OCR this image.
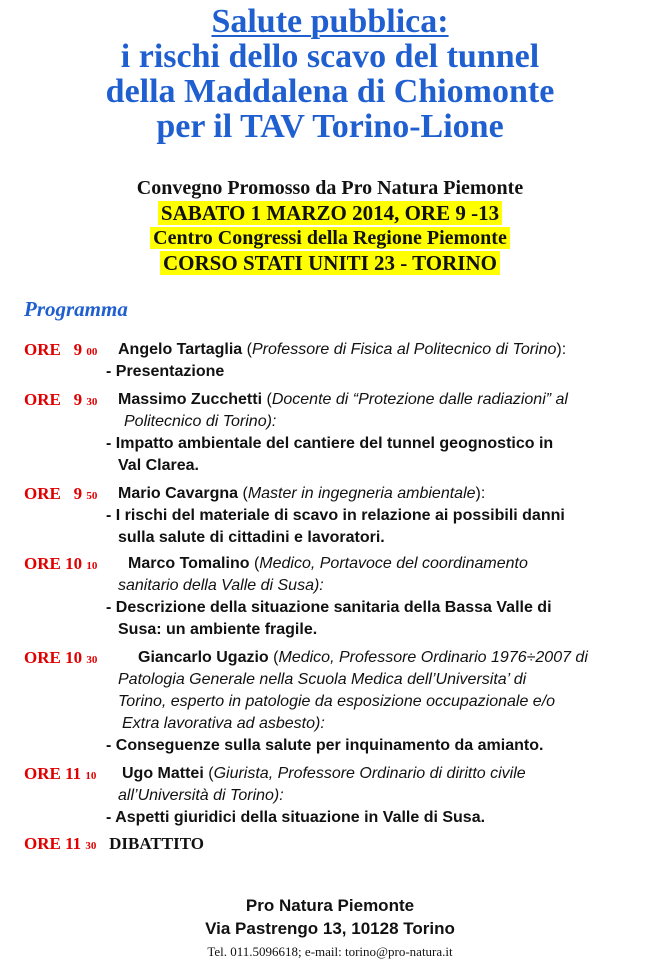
Salute pubblica:
i rischi dello scavo del tunnel
della Maddalena di Chiomonte
per il TAV Torino-Lione
Convegno Promosso da Pro Natura Piemonte
SABATO 1 MARZO 2014, ORE 9 -13
Centro Congressi della Regione Piemonte
CORSO STATI UNITI 23 - TORINO
Programma
ORE 9 00 Angelo Tartaglia (Professore di Fisica al Politecnico di Torino):
- Presentazione
ORE 9 30 Massimo Zucchetti (Docente di “Protezione dalle radiazioni” al
Politecnico di Torino):
- Impatto ambientale del cantiere del tunnel geognostico in
Val Clarea.
ORE 9 50 Mario Cavargna (Master in ingegneria ambientale):
- I rischi del materiale di scavo in relazione ai possibili danni
sulla salute di cittadini e lavoratori.
ORE 10 10 Marco Tomalino (Medico, Portavoce del coordinamento
sanitario della Valle di Susa):
- Descrizione della situazione sanitaria della Bassa Valle di
Susa: un ambiente fragile.
ORE 10 30	Giancarlo Ugazio (Medico, Professore Ordinario 1976÷2007 di
Patologia Generale nella Scuola Medica dell’Universita’ di
Torino, esperto in patologie da esposizione occupazionale e/o
Extra lavorativa ad asbesto):
- Conseguenze sulla salute per inquinamento da amianto.
ORE 11 10 Ugo Mattei (Giurista, Professore Ordinario di diritto civile
all’Università di Torino):
- Aspetti giuridici della situazione in Valle di Susa.
ORE 11 30 DIBATTITO
Pro Natura Piemonte
Via Pastrengo 13, 10128 Torino
Tel. 011.5096618; e-mail: torino@pro-natura.it
